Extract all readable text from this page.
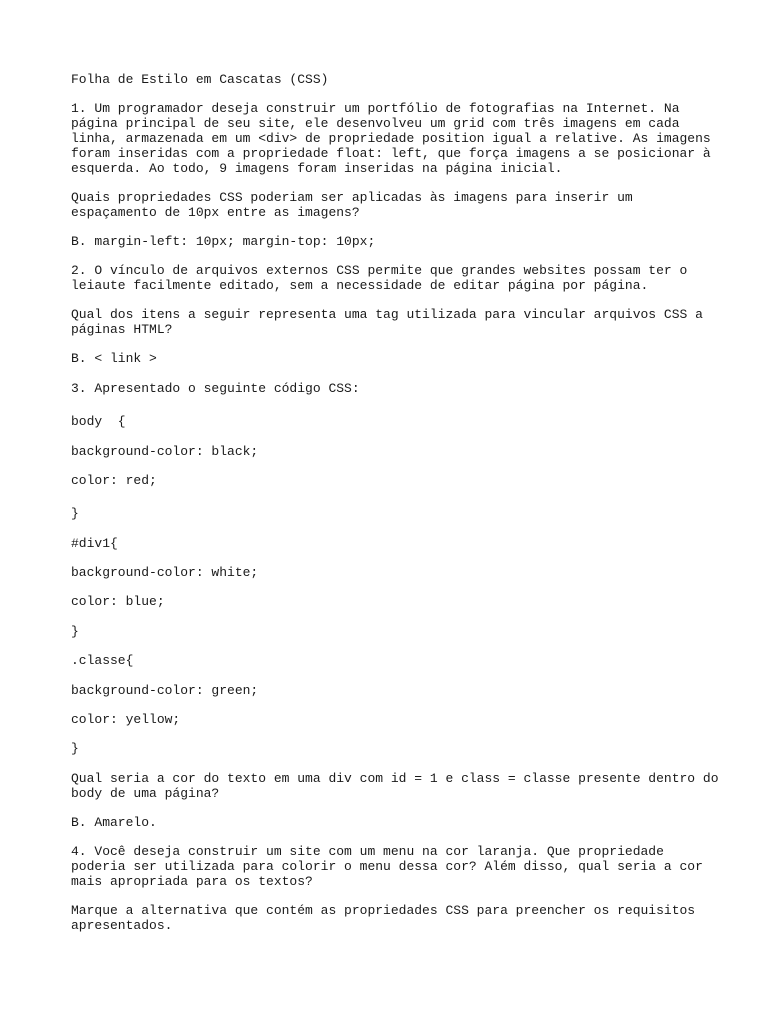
Folha de Estilo em Cascatas (CSS)

1. Um programador deseja construir um portfólio de fotografias na Internet. Na

página principal de seu site, ele desenvolveu um grid com três imagens em cada

linha, armazenada em um <div> de propriedade position igual a relative. As imagens

foram inseridas com a propriedade float: left, que força imagens a se posicionar à

esquerda. Ao todo, 9 imagens foram inseridas na página inicial.

Quais propriedades CSS poderiam ser aplicadas às imagens para inserir um

espaçamento de 10px entre as imagens?

B. margin-left: 10px; margin-top: 10px;

2. O vínculo de arquivos externos CSS permite que grandes websites possam ter o

leiaute facilmente editado, sem a necessidade de editar página por página.

Qual dos itens a seguir representa uma tag utilizada para vincular arquivos CSS a

páginas HTML?

B. < link >

3. Apresentado o seguinte código CSS:

body  {

background-color: black;

color: red;

}

#div1{

background-color: white;

color: blue;

}

.classe{

background-color: green;

color: yellow;

}

Qual seria a cor do texto em uma div com id = 1 e class = classe presente dentro do

body de uma página?

B. Amarelo.

4. Você deseja construir um site com um menu na cor laranja. Que propriedade

poderia ser utilizada para colorir o menu dessa cor? Além disso, qual seria a cor

mais apropriada para os textos?

Marque a alternativa que contém as propriedades CSS para preencher os requisitos

apresentados.
